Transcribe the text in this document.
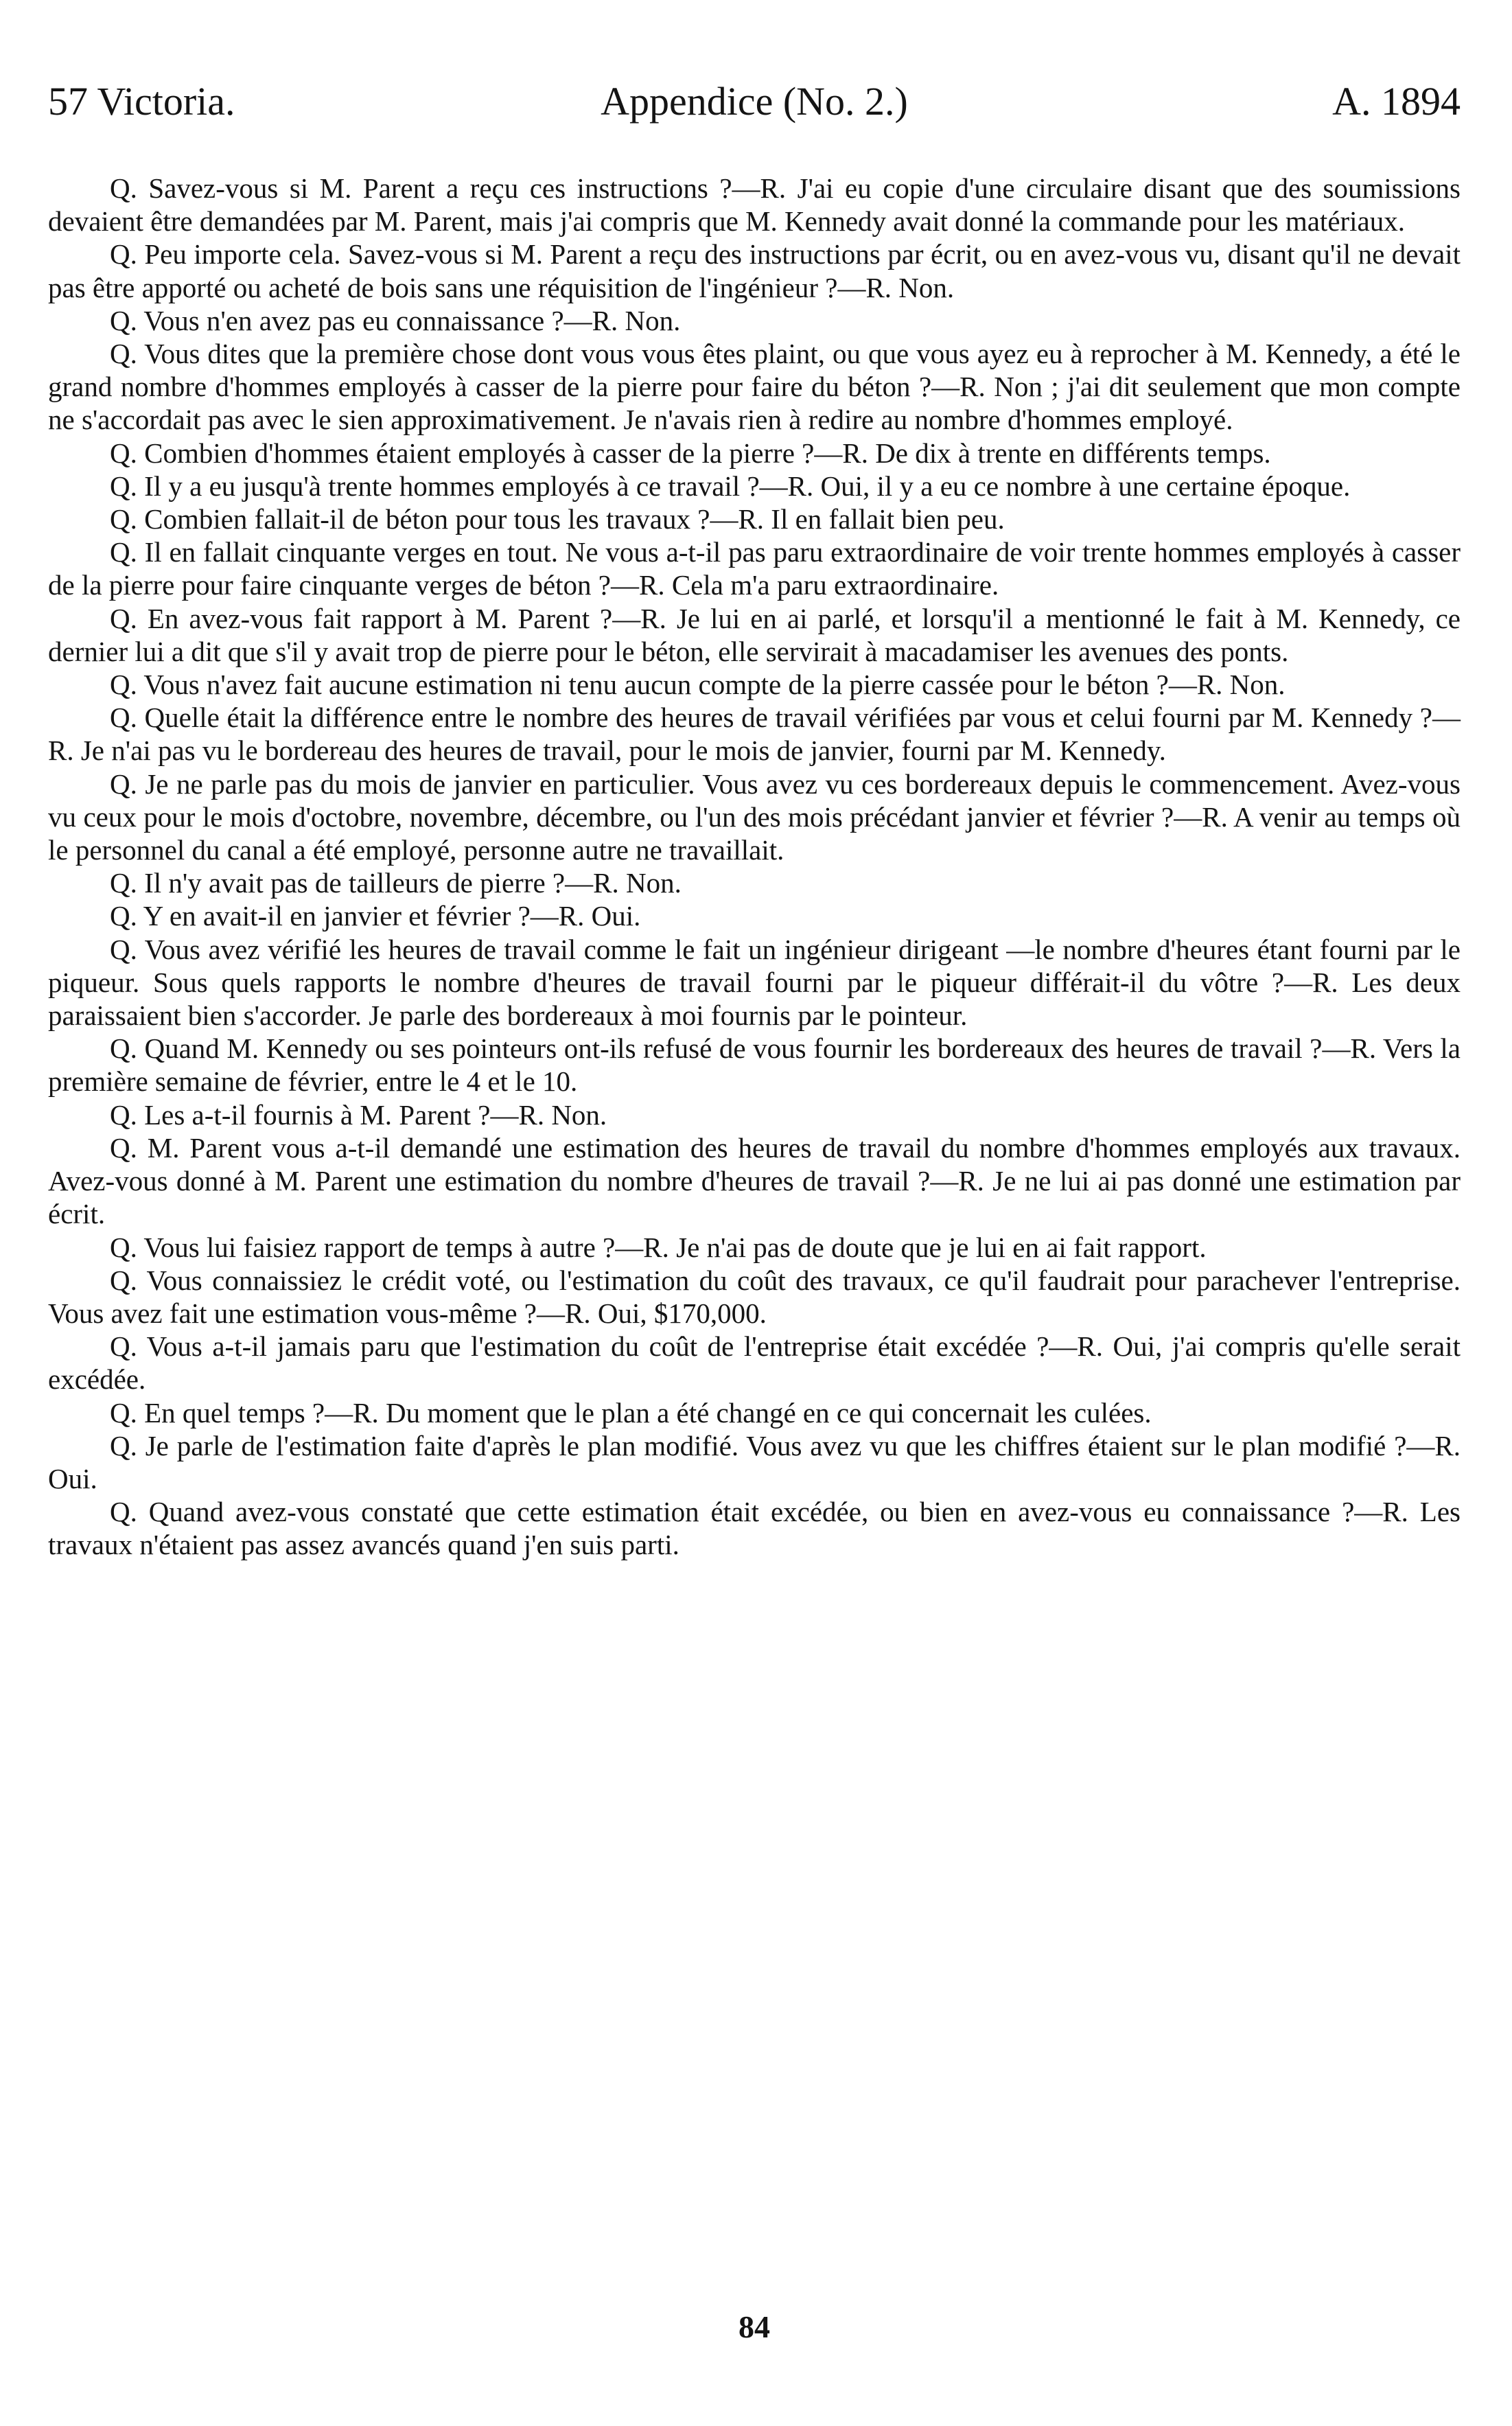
Appendice (No. 2.)
57 Victoria.	A. 1894

Q. Savez-vous si M. Parent a reçu ces instructions ?—R. J'ai eu copie d'une circulaire disant que des soumissions devaient être demandées par M. Parent, mais j'ai compris que M. Kennedy avait donné la commande pour les matériaux.

Q. Peu importe cela. Savez-vous si M. Parent a reçu des instructions par écrit, ou en avez-vous vu, disant qu'il ne devait pas être apporté ou acheté de bois sans une réquisition de l'ingénieur ?—R. Non.

Q. Vous n'en avez pas eu connaissance ?—R. Non.

Q. Vous dites que la première chose dont vous vous êtes plaint, ou que vous ayez eu à reprocher à M. Kennedy, a été le grand nombre d'hommes employés à casser de la pierre pour faire du béton ?—R. Non ; j'ai dit seulement que mon compte ne s'accordait pas avec le sien approximativement. Je n'avais rien à redire au nombre d'hommes employé.

Q. Combien d'hommes étaient employés à casser de la pierre ?—R. De dix à trente en différents temps.

Q. Il y a eu jusqu'à trente hommes employés à ce travail ?—R. Oui, il y a eu ce nombre à une certaine époque.

Q. Combien fallait-il de béton pour tous les travaux ?—R. Il en fallait bien peu.

Q. Il en fallait cinquante verges en tout. Ne vous a-t-il pas paru extraordinaire de voir trente hommes employés à casser de la pierre pour faire cinquante verges de béton ?—R. Cela m'a paru extraordinaire.

Q. En avez-vous fait rapport à M. Parent ?—R. Je lui en ai parlé, et lorsqu'il a mentionné le fait à M. Kennedy, ce dernier lui a dit que s'il y avait trop de pierre pour le béton, elle servirait à macadamiser les avenues des ponts.

Q. Vous n'avez fait aucune estimation ni tenu aucun compte de la pierre cassée pour le béton ?—R. Non.

Q. Quelle était la différence entre le nombre des heures de travail vérifiées par vous et celui fourni par M. Kennedy ?—R. Je n'ai pas vu le bordereau des heures de travail, pour le mois de janvier, fourni par M. Kennedy.

Q. Je ne parle pas du mois de janvier en particulier. Vous avez vu ces bordereaux depuis le commencement. Avez-vous vu ceux pour le mois d'octobre, novembre, décembre, ou l'un des mois précédant janvier et février ?—R. A venir au temps où le personnel du canal a été employé, personne autre ne travaillait.

Q. Il n'y avait pas de tailleurs de pierre ?—R. Non.

Q. Y en avait-il en janvier et février ?—R. Oui.

Q. Vous avez vérifié les heures de travail comme le fait un ingénieur dirigeant —le nombre d'heures étant fourni par le piqueur. Sous quels rapports le nombre d'heures de travail fourni par le piqueur différait-il du vôtre ?—R. Les deux paraissaient bien s'accorder. Je parle des bordereaux à moi fournis par le pointeur.

Q. Quand M. Kennedy ou ses pointeurs ont-ils refusé de vous fournir les bordereaux des heures de travail ?—R. Vers la première semaine de février, entre le 4 et le 10.

Q. Les a-t-il fournis à M. Parent ?—R. Non.

Q. M. Parent vous a-t-il demandé une estimation des heures de travail du nombre d'hommes employés aux travaux. Avez-vous donné à M. Parent une estimation du nombre d'heures de travail ?—R. Je ne lui ai pas donné une estimation par écrit.

Q. Vous lui faisiez rapport de temps à autre ?—R. Je n'ai pas de doute que je lui en ai fait rapport.

Q. Vous connaissiez le crédit voté, ou l'estimation du coût des travaux, ce qu'il faudrait pour parachever l'entreprise. Vous avez fait une estimation vous-même ?—R. Oui, $170,000.

Q. Vous a-t-il jamais paru que l'estimation du coût de l'entreprise était excédée ?—R. Oui, j'ai compris qu'elle serait excédée.

Q. En quel temps ?—R. Du moment que le plan a été changé en ce qui concernait les culées.

Q. Je parle de l'estimation faite d'après le plan modifié. Vous avez vu que les chiffres étaient sur le plan modifié ?—R. Oui.

Q. Quand avez-vous constaté que cette estimation était excédée, ou bien en avez-vous eu connaissance ?—R. Les travaux n'étaient pas assez avancés quand j'en suis parti.

84
